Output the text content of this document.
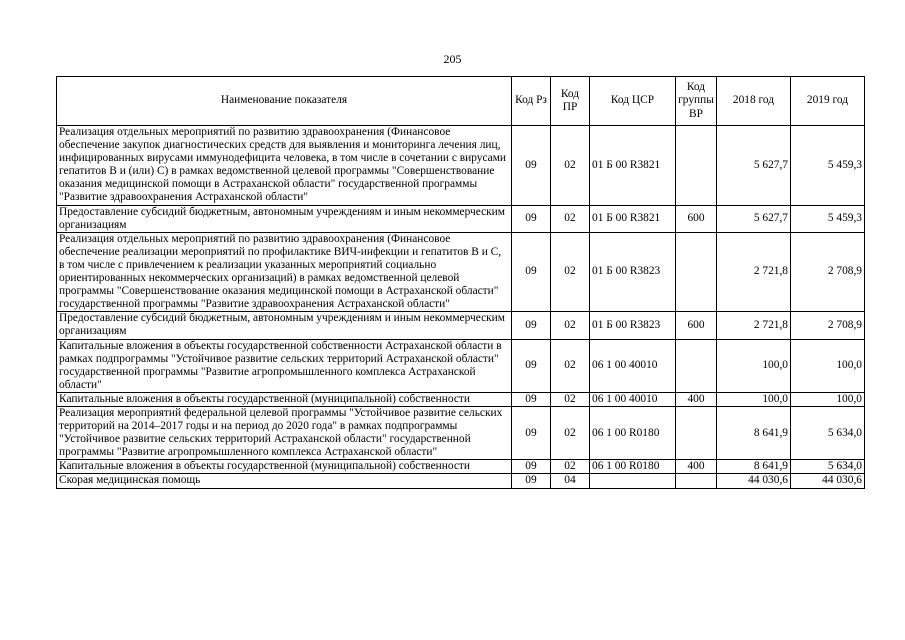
205
Наименование показателя	Код Рз	Код ПР	Код ЦСР	Код группы ВР	2018 год	2019 год
Реализация отдельных мероприятий по развитию здравоохранения (Финансовое обеспечение закупок диагностических средств для выявления и мониторинга лечения лиц, инфицированных вирусами иммунодефицита человека, в том числе в сочетании с вирусами гепатитов В и (или) С) в рамках ведомственной целевой программы "Совершенствование оказания медицинской помощи в Астраханской области" государственной программы "Развитие здравоохранения Астраханской области"	09	02	01 Б 00 R3821		5 627,7	5 459,3
Предоставление субсидий бюджетным, автономным учреждениям и иным некоммерческим организациям	09	02	01 Б 00 R3821	600	5 627,7	5 459,3
Реализация отдельных мероприятий по развитию здравоохранения (Финансовое обеспечение реализации мероприятий по профилактике ВИЧ-инфекции и гепатитов В и С, в том числе с привлечением к реализации указанных мероприятий социально ориентированных некоммерческих организаций) в рамках ведомственной целевой программы "Совершенствование оказания медицинской помощи в Астраханской области" государственной программы "Развитие здравоохранения Астраханской области"	09	02	01 Б 00 R3823		2 721,8	2 708,9
Предоставление субсидий бюджетным, автономным учреждениям и иным некоммерческим организациям	09	02	01 Б 00 R3823	600	2 721,8	2 708,9
Капитальные вложения в объекты государственной собственности Астраханской области в рамках подпрограммы "Устойчивое развитие сельских территорий Астраханской области" государственной программы "Развитие агропромышленного комплекса Астраханской области"	09	02	06 1 00 40010		100,0	100,0
Капитальные вложения в объекты государственной (муниципальной) собственности	09	02	06 1 00 40010	400	100,0	100,0
Реализация мероприятий федеральной целевой программы "Устойчивое развитие сельских территорий на 2014–2017 годы и на период до 2020 года" в рамках подпрограммы "Устойчивое развитие сельских территорий Астраханской области" государственной программы "Развитие агропромышленного комплекса Астраханской области"	09	02	06 1 00 R0180		8 641,9	5 634,0
Капитальные вложения в объекты государственной (муниципальной) собственности	09	02	06 1 00 R0180	400	8 641,9	5 634,0
Скорая медицинская помощь	09	04			44 030,6	44 030,6
